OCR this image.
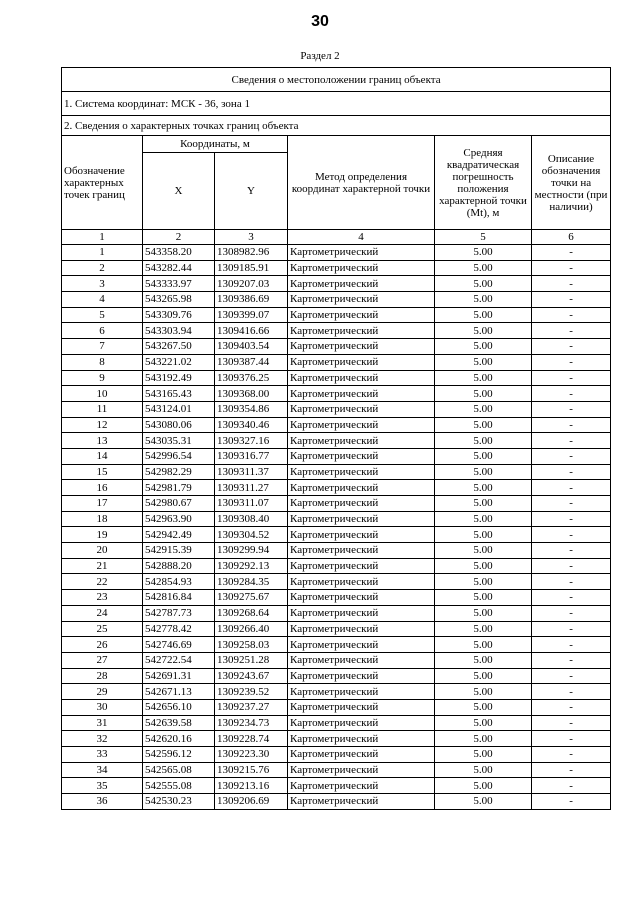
30
Раздел 2
Сведения о местоположении границ объекта					
1. Система координат: МСК - 36, зона 1					
2. Сведения о характерных точках границ объекта					
Обозначение характерных точек границ	Координаты, м		Метод определения координат характерной точки	Средняя квадратическая погрешность положения характерной точки (Mt), м	Описание обозначения точки на местности (при наличии)
	X	Y			
1	2	3	4	5	6
1	543358.20	1308982.96	Картометрический	5.00	-
2	543282.44	1309185.91	Картометрический	5.00	-
3	543333.97	1309207.03	Картометрический	5.00	-
4	543265.98	1309386.69	Картометрический	5.00	-
5	543309.76	1309399.07	Картометрический	5.00	-
6	543303.94	1309416.66	Картометрический	5.00	-
7	543267.50	1309403.54	Картометрический	5.00	-
8	543221.02	1309387.44	Картометрический	5.00	-
9	543192.49	1309376.25	Картометрический	5.00	-
10	543165.43	1309368.00	Картометрический	5.00	-
11	543124.01	1309354.86	Картометрический	5.00	-
12	543080.06	1309340.46	Картометрический	5.00	-
13	543035.31	1309327.16	Картометрический	5.00	-
14	542996.54	1309316.77	Картометрический	5.00	-
15	542982.29	1309311.37	Картометрический	5.00	-
16	542981.79	1309311.27	Картометрический	5.00	-
17	542980.67	1309311.07	Картометрический	5.00	-
18	542963.90	1309308.40	Картометрический	5.00	-
19	542942.49	1309304.52	Картометрический	5.00	-
20	542915.39	1309299.94	Картометрический	5.00	-
21	542888.20	1309292.13	Картометрический	5.00	-
22	542854.93	1309284.35	Картометрический	5.00	-
23	542816.84	1309275.67	Картометрический	5.00	-
24	542787.73	1309268.64	Картометрический	5.00	-
25	542778.42	1309266.40	Картометрический	5.00	-
26	542746.69	1309258.03	Картометрический	5.00	-
27	542722.54	1309251.28	Картометрический	5.00	-
28	542691.31	1309243.67	Картометрический	5.00	-
29	542671.13	1309239.52	Картометрический	5.00	-
30	542656.10	1309237.27	Картометрический	5.00	-
31	542639.58	1309234.73	Картометрический	5.00	-
32	542620.16	1309228.74	Картометрический	5.00	-
33	542596.12	1309223.30	Картометрический	5.00	-
34	542565.08	1309215.76	Картометрический	5.00	-
35	542555.08	1309213.16	Картометрический	5.00	-
36	542530.23	1309206.69	Картометрический	5.00	-
